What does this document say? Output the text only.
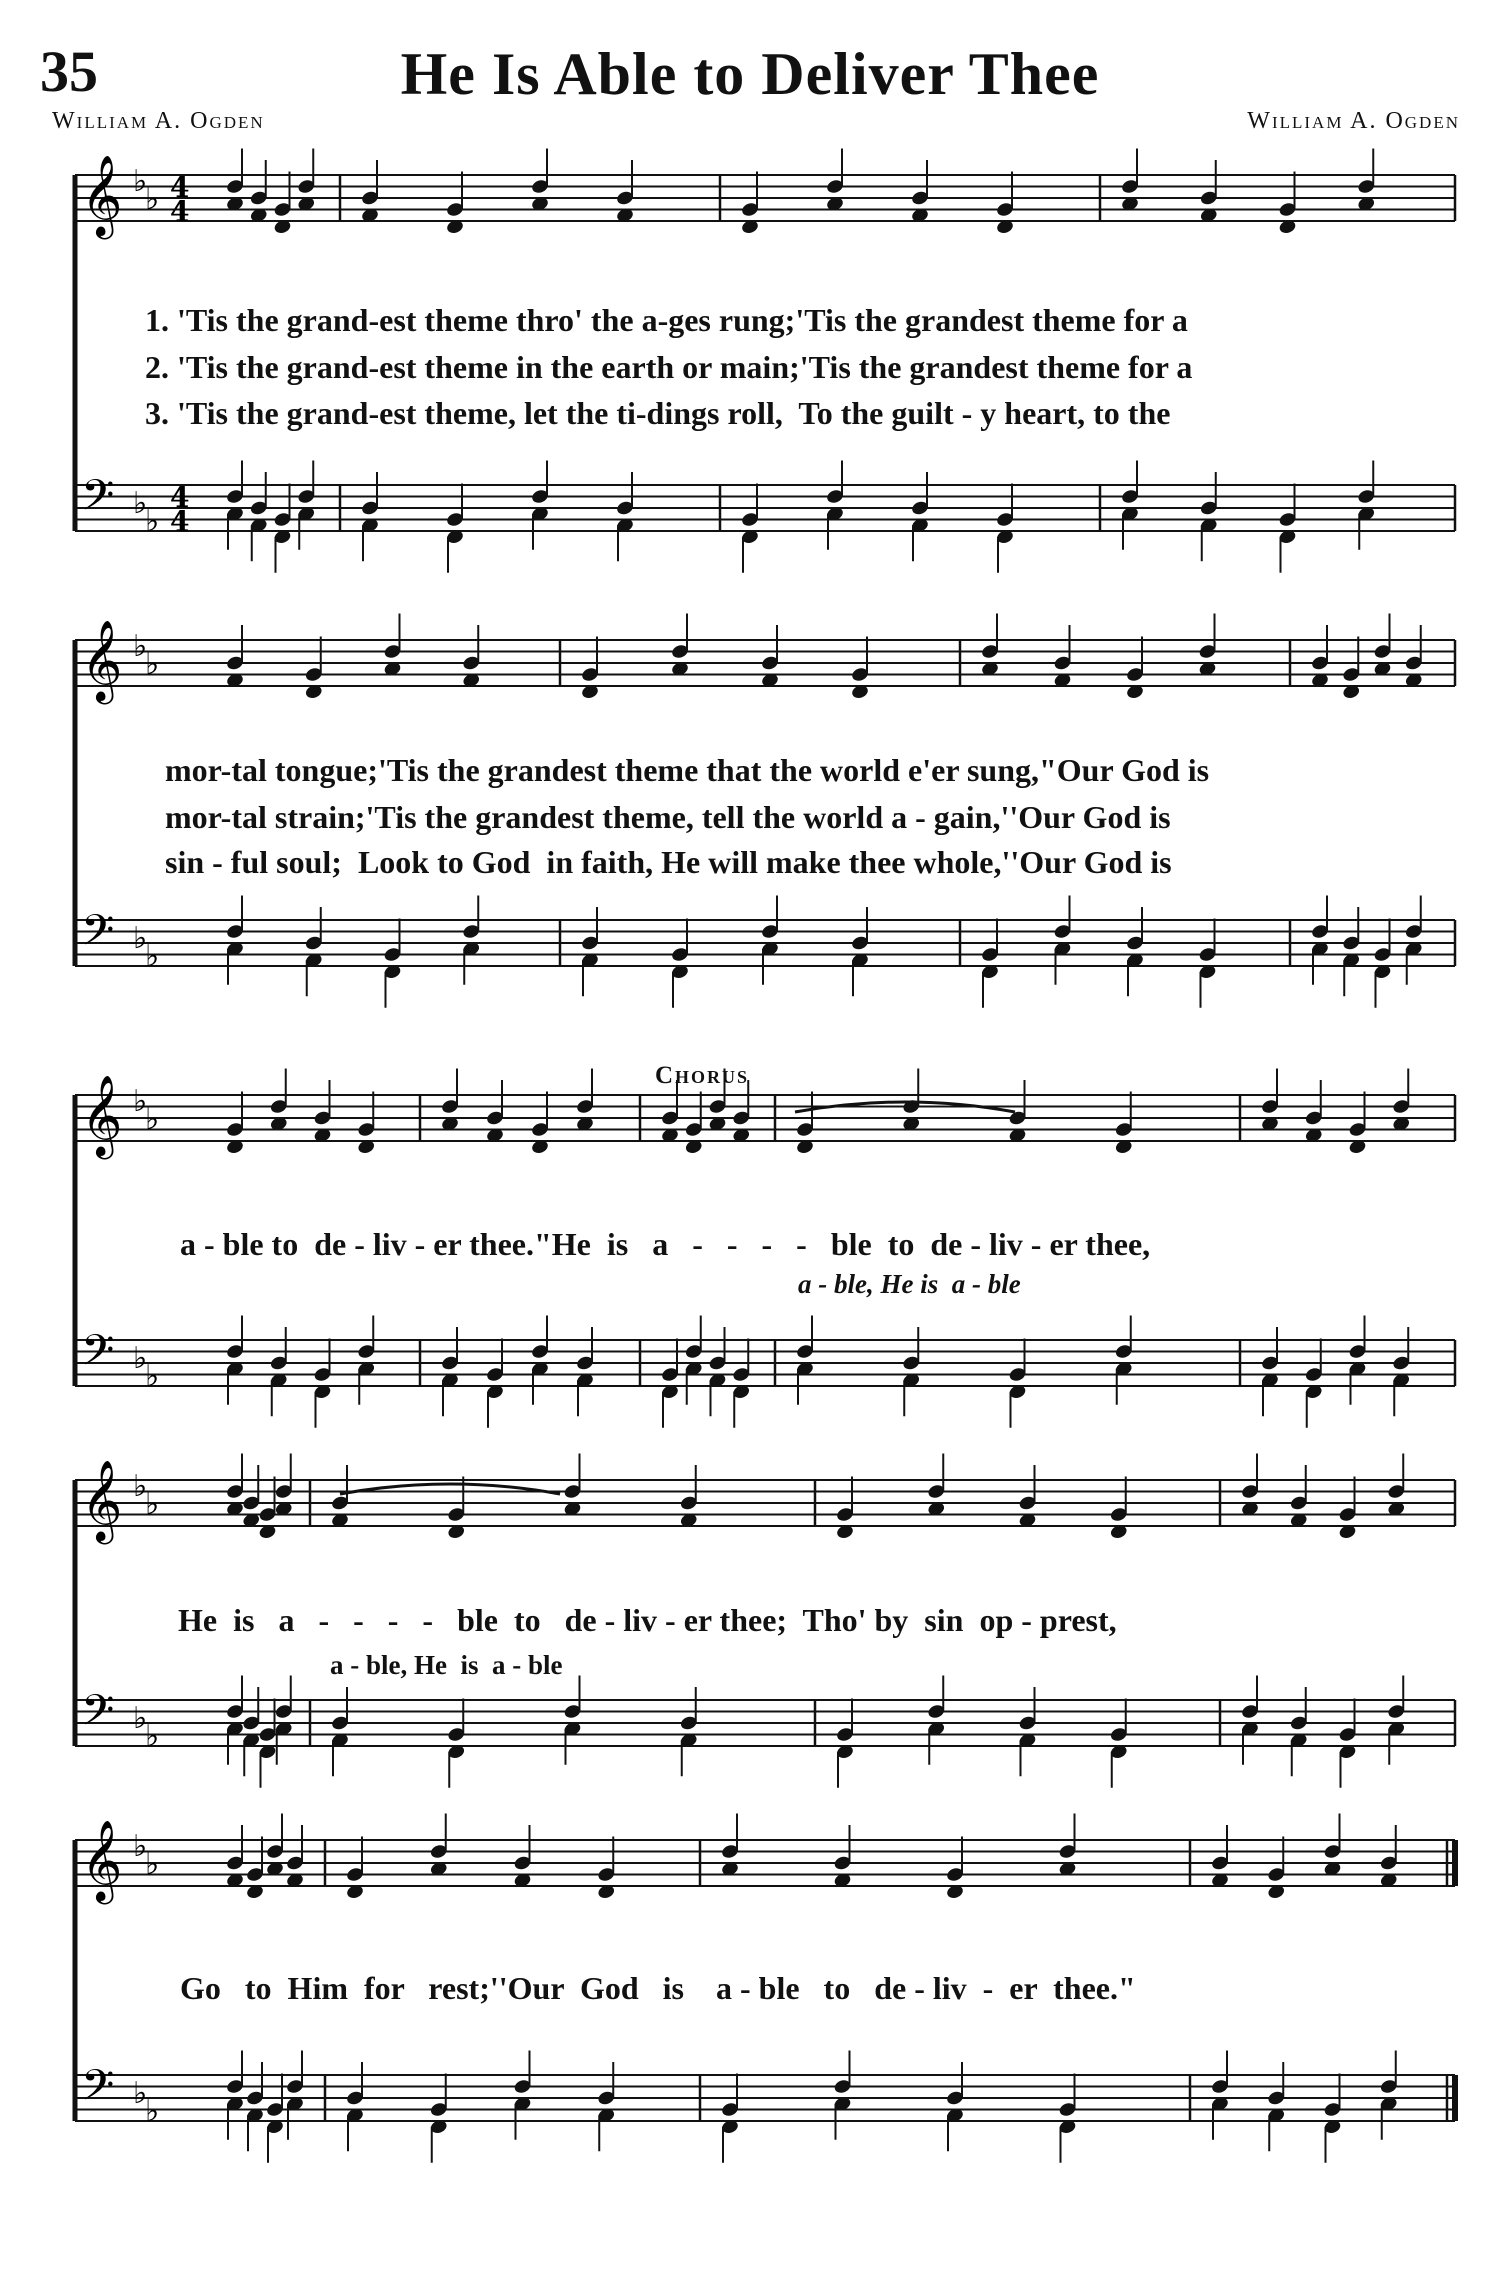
35	He Is Able to Deliver Thee
William A. Ogden	William A. Ogden
𝄞 ♭
♭ 4
4
𝄢 ♭
♭
4
4
𝄞 ♭
♭
𝄢 ♭
♭
𝄞 ♭
♭
𝄢 ♭
♭
𝄞 ♭
♭
𝄢 ♭
♭
𝄞 ♭
♭
𝄢 ♭
♭
1. 'Tis the grand-est theme thro' the a-ges rung;'Tis the grandest theme for a
2. 'Tis the grand-est theme in the earth or main;'Tis the grandest theme for a
3. 'Tis the grand-est theme, let the ti-dings roll,  To the guilt - y heart, to the
mor-tal tongue;'Tis the grandest theme that the world e'er sung,"Our God is
mor-tal strain;'Tis the grandest theme, tell the world a - gain,''Our God is
sin - ful soul;  Look to God  in faith, He will make thee whole,''Our God is
Chorus
a - ble to  de - liv - er thee."He  is   a   -   -   -   -   ble  to  de - liv - er thee,
a - ble, He is  a - ble
He  is   a   -   -   -   -   ble  to   de - liv - er thee;  Tho' by  sin  op - prest,
a - ble, He  is  a - ble
Go   to  Him  for   rest;''Our  God   is    a - ble   to   de - liv  -  er  thee."
